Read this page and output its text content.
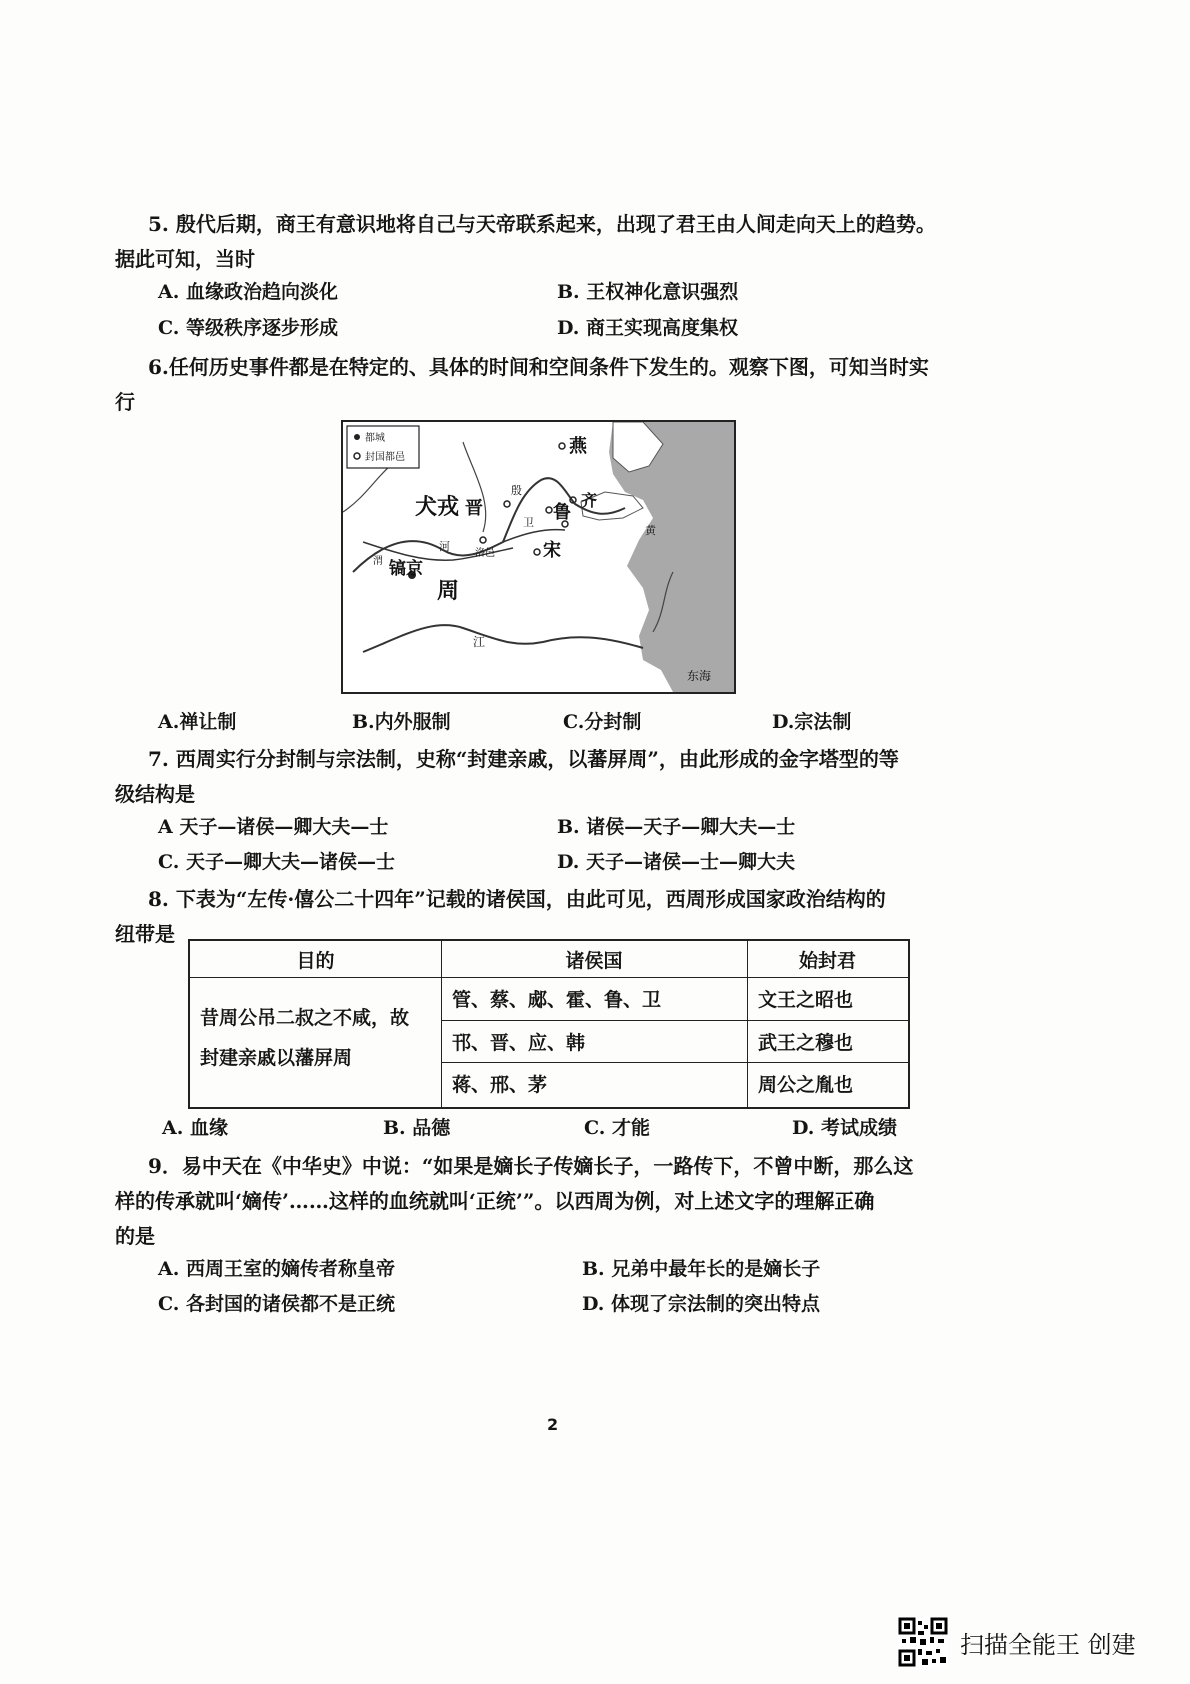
5. 殷代后期，商王有意识地将自己与天帝联系起来，出现了君王由人间走向天上的趋势。
据此可知，当时
A. 血缘政治趋向淡化	B. 王权神化意识强烈
C. 等级秩序逐步形成	D. 商王实现高度集权
6.任何历史事件都是在特定的、具体的时间和空间条件下发生的。观察下图，可知当时实
行
都城
封国都邑
燕
犬戎 晋
殷
齐
鲁
卫
洛邑
周
镐京
宋
江
河
渭
黄
东海
A.禅让制	B.内外服制	C.分封制	D.宗法制
7. 西周实行分封制与宗法制，史称“封建亲戚，以蕃屏周”，由此形成的金字塔型的等
级结构是
A 天子—诸侯—卿大夫—士	B. 诸侯—天子—卿大夫—士
C. 天子—卿大夫—诸侯—士	D. 天子—诸侯—士—卿大夫
8. 下表为“左传·僖公二十四年”记载的诸侯国，由此可见，西周形成国家政治结构的
纽带是
目的	诸侯国	始封君
昔周公吊二叔之不咸，故
封建亲戚以藩屏周
管、蔡、郕、霍、鲁、卫	文王之昭也
邗、晋、应、韩	武王之穆也
蒋、邢、茅	周公之胤也
A. 血缘	B. 品德	C. 才能	D. 考试成绩
9．易中天在《中华史》中说：“如果是嫡长子传嫡长子，一路传下，不曾中断，那么这
样的传承就叫‘嫡传’……这样的血统就叫‘正统’”。以西周为例，对上述文字的理解正确
的是
A. 西周王室的嫡传者称皇帝	B. 兄弟中最年长的是嫡长子
C. 各封国的诸侯都不是正统	D. 体现了宗法制的突出特点
2
扫描全能王 创建
